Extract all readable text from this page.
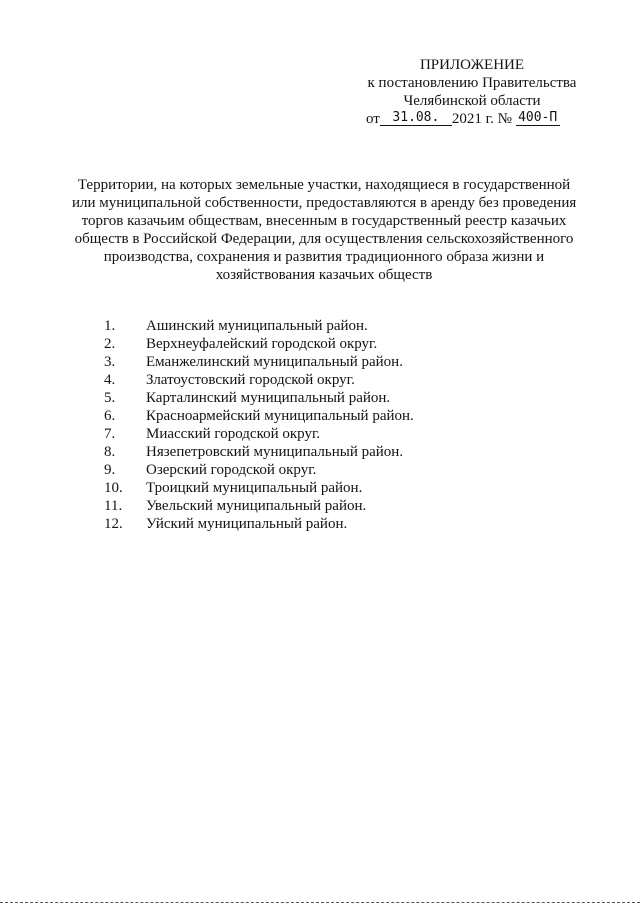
ПРИЛОЖЕНИЕ
к постановлению Правительства
Челябинской области
от 31.08. 2021 г. № 400-П
Территории, на которых земельные участки, находящиеся в государственной
или муниципальной собственности, предоставляются в аренду без проведения
торгов казачьим обществам, внесенным в государственный реестр казачьих
обществ в Российской Федерации, для осуществления сельскохозяйственного
производства, сохранения и развития традиционного образа жизни и
хозяйствования казачьих обществ
1.	Ашинский муниципальный район.
2.	Верхнеуфалейский городской округ.
3.	Еманжелинский муниципальный район.
4.	Златоустовский городской округ.
5.	Карталинский муниципальный район.
6.	Красноармейский муниципальный район.
7.	Миасский городской округ.
8.	Нязепетровский муниципальный район.
9.	Озерский городской округ.
10.	Троицкий муниципальный район.
11.	Увельский муниципальный район.
12.	Уйский муниципальный район.
